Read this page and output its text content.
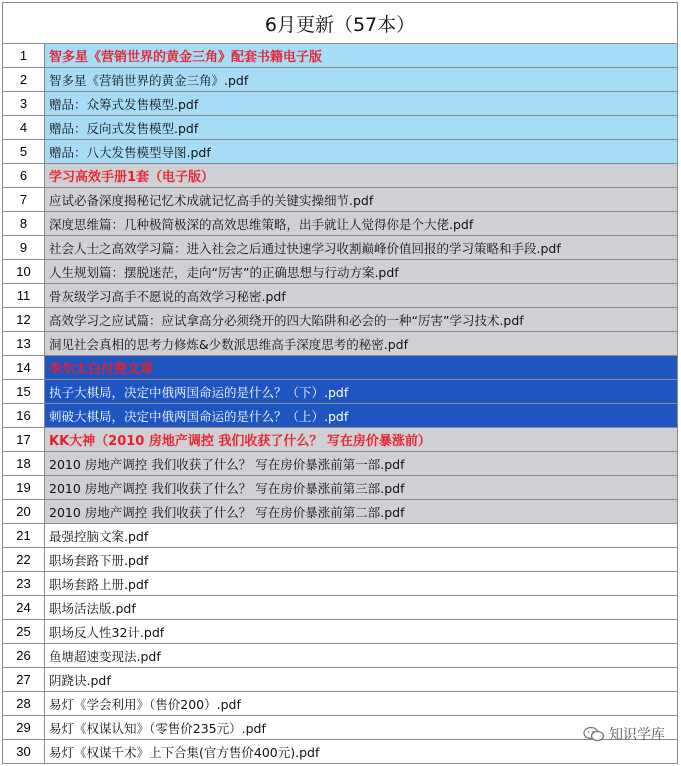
6月更新（57本）
1	智多星《营销世界的黄金三角》配套书籍电子版
2	智多星《营销世界的黄金三角》.pdf
3	赠品：众筹式发售模型.pdf
4	赠品：反向式发售模型.pdf
5	赠品：八大发售模型导图.pdf
6	学习高效手册1套（电子版）
7	应试必备深度揭秘记忆术成就记忆高手的关键实操细节.pdf
8	深度思维篇：几种极简极深的高效思维策略，出手就让人觉得你是个大佬.pdf
9	社会人士之高效学习篇：进入社会之后通过快速学习收割巅峰价值回报的学习策略和手段.pdf
10	人生规划篇：摆脱迷茫，走向“厉害”的正确思想与行动方案.pdf
11	骨灰级学习高手不愿说的高效学习秘密.pdf
12	高效学习之应试篇：应试拿高分必须绕开的四大陷阱和必会的一种“厉害”学习技术.pdf
13	洞见社会真相的思考力修炼&少数派思维高手深度思考的秘密.pdf
14	李尔太白付费文章
15	执子大棋局，决定中俄两国命运的是什么？（下）.pdf
16	刺破大棋局，决定中俄两国命运的是什么？（上）.pdf
17	KK大神（2010 房地产调控 我们收获了什么？ 写在房价暴涨前）
18	2010 房地产调控 我们收获了什么？ 写在房价暴涨前第一部.pdf
19	2010 房地产调控 我们收获了什么？ 写在房价暴涨前第三部.pdf
20	2010 房地产调控 我们收获了什么？ 写在房价暴涨前第二部.pdf
21	最强控脑文案.pdf
22	职场套路下册.pdf
23	职场套路上册.pdf
24	职场活法版.pdf
25	职场反人性32计.pdf
26	鱼塘超速变现法.pdf
27	阴跷诀.pdf
28	易灯《学会利用》（售价200）.pdf
29	易灯《权谋认知》（零售价235元）.pdf
30	易灯《权谋千术》上下合集(官方售价400元).pdf
知识学库
